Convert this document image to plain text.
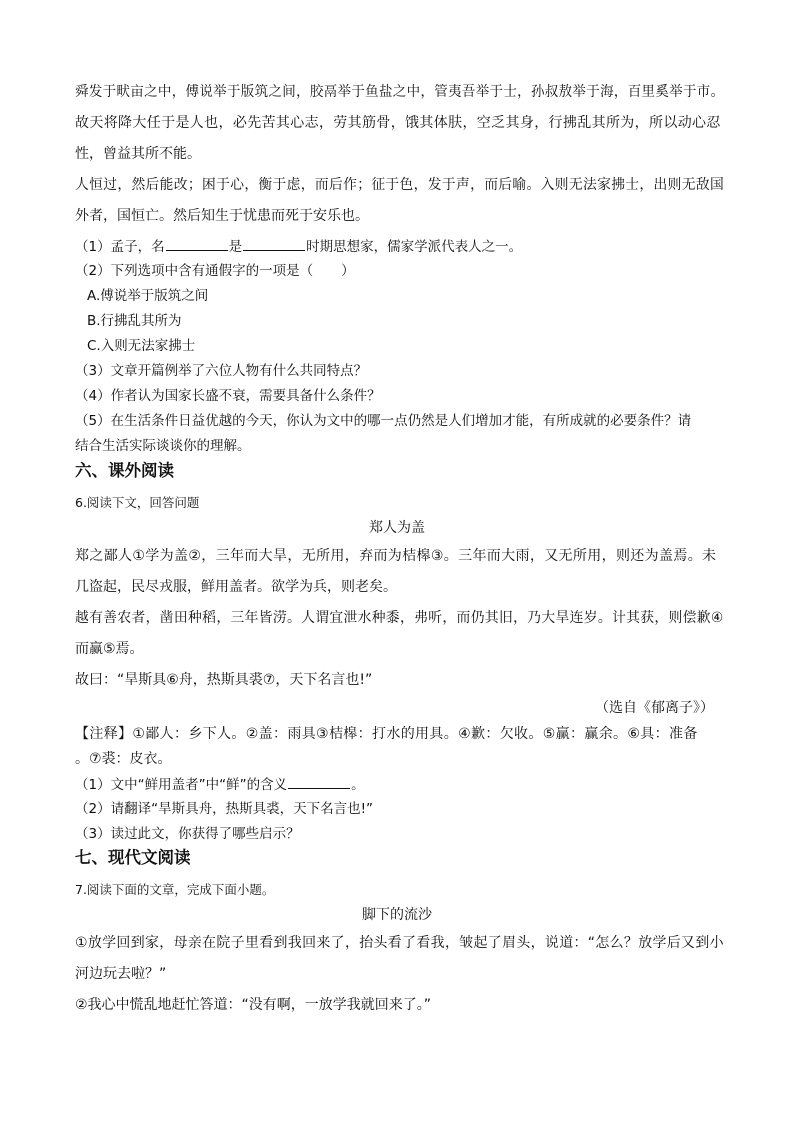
舜发于畎亩之中，傅说举于版筑之间，胶鬲举于鱼盐之中，管夷吾举于士，孙叔敖举于海，百里奚举于市。
故天将降大任于是人也，必先苦其心志，劳其筋骨，饿其体肤，空乏其身，行拂乱其所为，所以动心忍
性，曾益其所不能。
人恒过，然后能改；困于心，衡于虑，而后作；征于色，发于声，而后喻。入则无法家拂士，出则无敌国
外者，国恒亡。然后知生于忧患而死于安乐也。
（1）孟子，名	是	时期思想家，儒家学派代表人之一。
（2）下列选项中含有通假字的一项是（ ）
A.傅说举于版筑之间
B.行拂乱其所为
C.入则无法家拂士
（3）文章开篇例举了六位人物有什么共同特点？
（4）作者认为国家长盛不衰，需要具备什么条件？
（5）在生活条件日益优越的今天，你认为文中的哪一点仍然是人们增加才能，有所成就的必要条件？请
结合生活实际谈谈你的理解。
六、课外阅读
6.阅读下文，回答问题
郑人为盖
郑之鄙人①学为盖②，三年而大旱，无所用，弃而为桔槔③。三年而大雨，又无所用，则还为盖焉。未
几盗起，民尽戎服，鲜用盖者。欲学为兵，则老矣。
越有善农者，凿田种稻，三年皆涝。人谓宜泄水种黍，弗听，而仍其旧，乃大旱连岁。计其获，则偿歉④
而赢⑤焉。
故曰：“旱斯具⑥舟，热斯具裘⑦，天下名言也!”
（选自《郁离子》）
【注释】①鄙人：乡下人。②盖：雨具③桔槔：打水的用具。④歉：欠收。⑤赢：赢余。⑥具：准备
。⑦裘：皮衣。
（1）文中“鲜用盖者”中“鲜”的含义	。
（2）请翻译“旱斯具舟，热斯具裘，天下名言也!”
（3）读过此文，你获得了哪些启示？
七、现代文阅读
7.阅读下面的文章，完成下面小题。
脚下的流沙
①放学回到家，母亲在院子里看到我回来了，抬头看了看我，皱起了眉头，说道：“怎么？放学后又到小
河边玩去啦？”
②我心中慌乱地赶忙答道：“没有啊，一放学我就回来了。”
